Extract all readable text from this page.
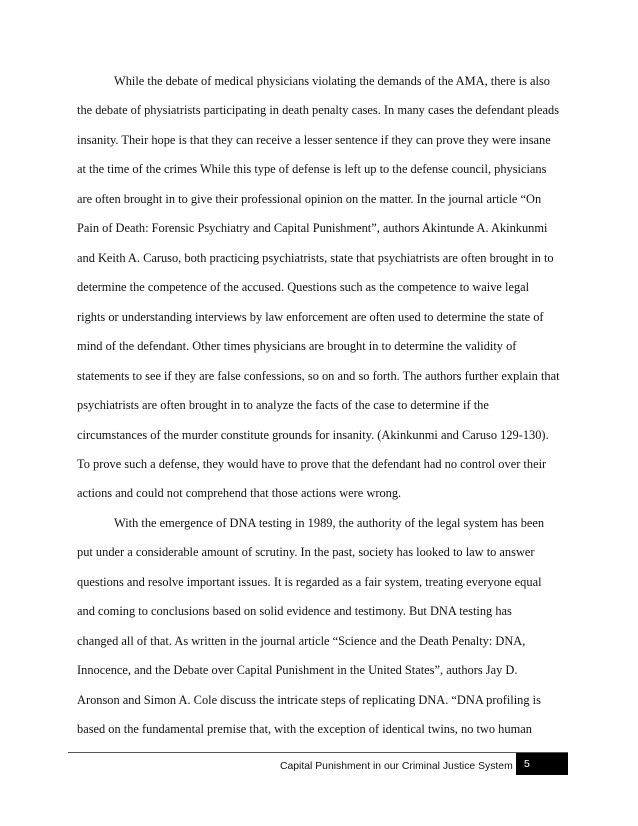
While the debate of medical physicians violating the demands of the AMA, there is also
the debate of physiatrists participating in death penalty cases. In many cases the defendant pleads
insanity. Their hope is that they can receive a lesser sentence if they can prove they were insane
at the time of the crimes While this type of defense is left up to the defense council, physicians
are often brought in to give their professional opinion on the matter. In the journal article “On
Pain of Death: Forensic Psychiatry and Capital Punishment”, authors Akintunde A. Akinkunmi
and Keith A. Caruso, both practicing psychiatrists, state that psychiatrists are often brought in to
determine the competence of the accused. Questions such as the competence to waive legal
rights or understanding interviews by law enforcement are often used to determine the state of
mind of the defendant. Other times physicians are brought in to determine the validity of
statements to see if they are false confessions, so on and so forth. The authors further explain that
psychiatrists are often brought in to analyze the facts of the case to determine if the
circumstances of the murder constitute grounds for insanity. (Akinkunmi and Caruso 129-130).
To prove such a defense, they would have to prove that the defendant had no control over their
actions and could not comprehend that those actions were wrong.
With the emergence of DNA testing in 1989, the authority of the legal system has been
put under a considerable amount of scrutiny. In the past, society has looked to law to answer
questions and resolve important issues. It is regarded as a fair system, treating everyone equal
and coming to conclusions based on solid evidence and testimony. But DNA testing has
changed all of that. As written in the journal article “Science and the Death Penalty: DNA,
Innocence, and the Debate over Capital Punishment in the United States”, authors Jay D.
Aronson and Simon A. Cole discuss the intricate steps of replicating DNA. “DNA profiling is
based on the fundamental premise that, with the exception of identical twins, no two human
Capital Punishment in our Criminal Justice System 5
